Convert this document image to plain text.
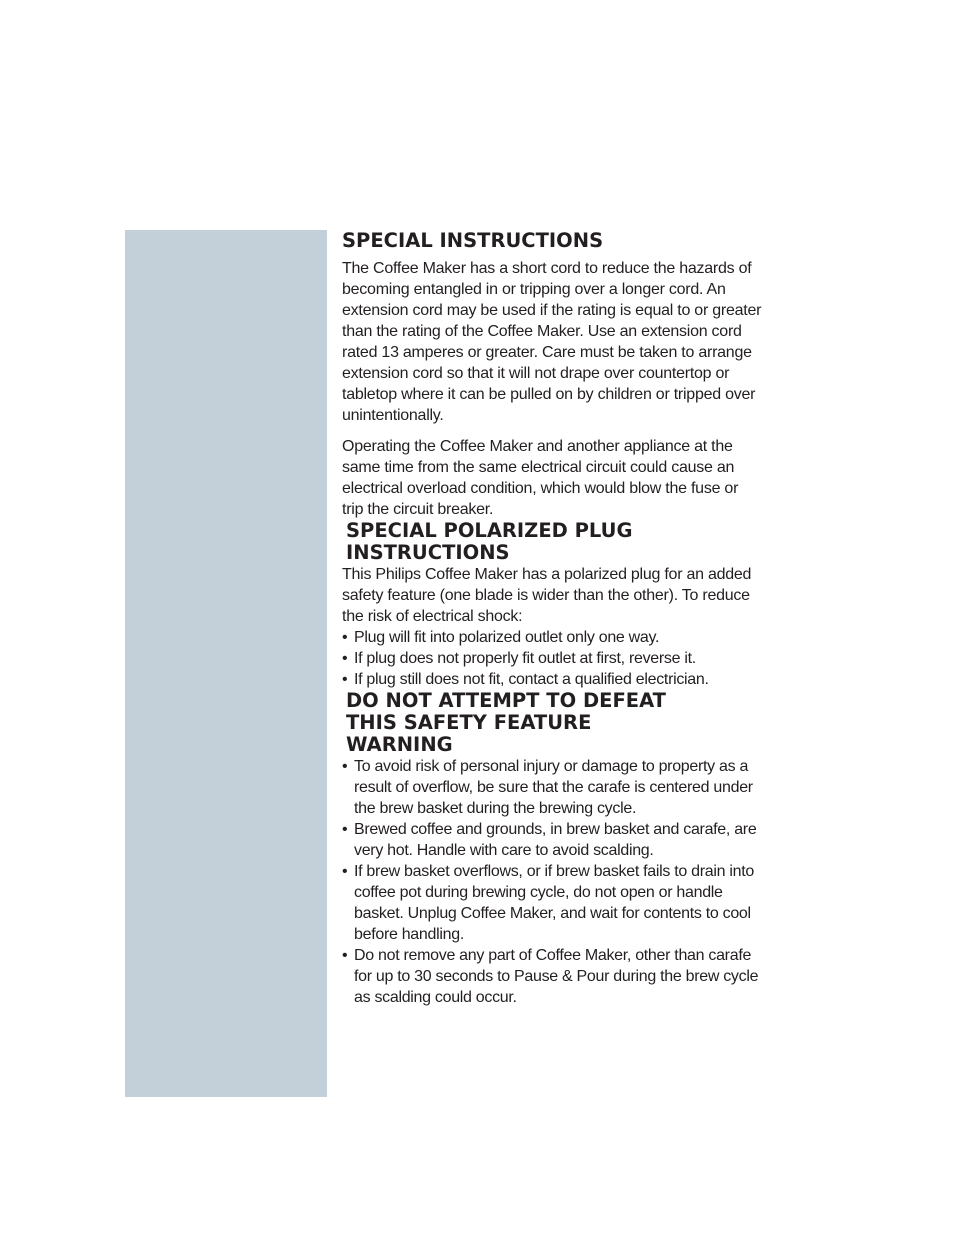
SPECIAL INSTRUCTIONS

The Coffee Maker has a short cord to reduce the hazards of becoming entangled in or tripping over a longer cord. An extension cord may be used if the rating is equal to or greater than the rating of the Coffee Maker. Use an extension cord rated 13 amperes or greater. Care must be taken to arrange extension cord so that it will not drape over countertop or tabletop where it can be pulled on by children or tripped over unintentionally.

Operating the Coffee Maker and another appliance at the same time from the same electrical circuit could cause an electrical overload condition, which would blow the fuse or trip the circuit breaker.

SPECIAL POLARIZED PLUG
INSTRUCTIONS

This Philips Coffee Maker has a polarized plug for an added safety feature (one blade is wider than the other). To reduce the risk of electrical shock:

• Plug will fit into polarized outlet only one way.
• If plug does not properly fit outlet at first, reverse it.
• If plug still does not fit, contact a qualified electrician.
DO NOT ATTEMPT TO DEFEAT
THIS SAFETY FEATURE
WARNING
• To avoid risk of personal injury or damage to property as a result of overflow, be sure that the carafe is centered under the brew basket during the brewing cycle.
• Brewed coffee and grounds, in brew basket and carafe, are very hot. Handle with care to avoid scalding.
• If brew basket overflows, or if brew basket fails to drain into coffee pot during brewing cycle, do not open or handle basket. Unplug Coffee Maker, and wait for contents to cool before handling.
• Do not remove any part of Coffee Maker, other than carafe for up to 30 seconds to Pause & Pour during the brew cycle as scalding could occur.
